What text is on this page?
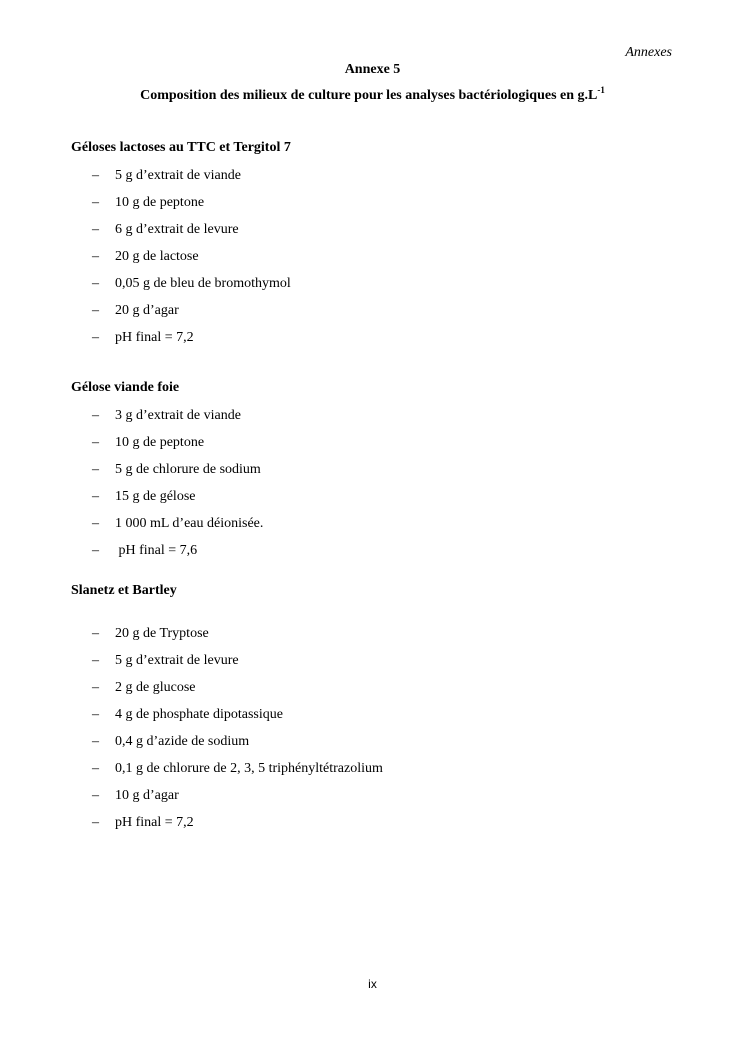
Annexes
Annexe 5
Composition des milieux de culture pour les analyses bactériologiques en $g.L^{-1}$
Géloses lactoses au TTC et Tergitol 7
– 5 g d’extrait de viande
– 10 g de peptone
– 6 g d’extrait de levure
– 20 g de lactose
– 0,05 g de bleu de bromothymol
– 20 g d’agar
– pH final = 7,2
Gélose viande foie
– 3 g d’extrait de viande
– 10 g de peptone
– 5 g de chlorure de sodium
– 15 g de gélose
– 1 000 mL d’eau déionisée.
– pH final = 7,6
Slanetz et Bartley
– 20 g de Tryptose
– 5 g d’extrait de levure
– 2 g de glucose
– 4 g de phosphate dipotassique
– 0,4 g d’azide de sodium
– 0,1 g de chlorure de 2, 3, 5 triphényltétrazolium
– 10 g d’agar
– pH final = 7,2
ix
